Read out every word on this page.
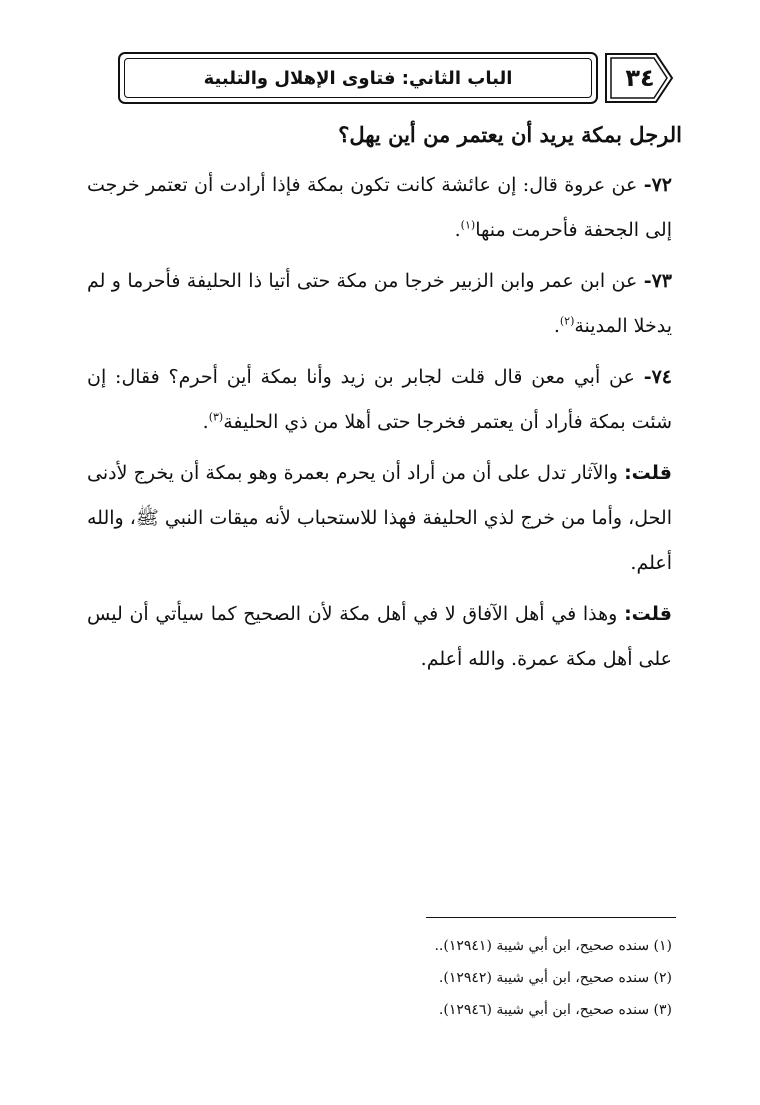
الباب الثاني: فتاوى الإهلال والتلبية	٣٤

الرجل بمكة يريد أن يعتمر من أين يهل؟

٧٢- عن عروة قال: إن عائشة كانت تكون بمكة فإذا أرادت أن تعتمر خرجت إلى الجحفة فأحرمت منها$^{(١)}$.

٧٣- عن ابن عمر وابن الزبير خرجا من مكة حتى أتيا ذا الحليفة فأحرما و لم يدخلا المدينة$^{(٢)}$.

٧٤- عن أبي معن قال قلت لجابر بن زيد وأنا بمكة أين أحرم؟ فقال: إن شئت بمكة فأراد أن يعتمر فخرجا حتى أهلا من ذي الحليفة$^{(٣)}$.

قلت: والآثار تدل على أن من أراد أن يحرم بعمرة وهو بمكة أن يخرج لأدنى الحل، وأما من خرج لذي الحليفة فهذا للاستحباب لأنه ميقات النبي ﷺ، والله أعلم.

قلت: وهذا في أهل الآفاق لا في أهل مكة لأن الصحيح كما سيأتي أن ليس على أهل مكة عمرة. والله أعلم.

(١) سنده صحيح، ابن أبي شيبة (١٢٩٤١)..
(٢) سنده صحيح، ابن أبي شيبة (١٢٩٤٢).
(٣) سنده صحيح، ابن أبي شيبة (١٢٩٤٦).
